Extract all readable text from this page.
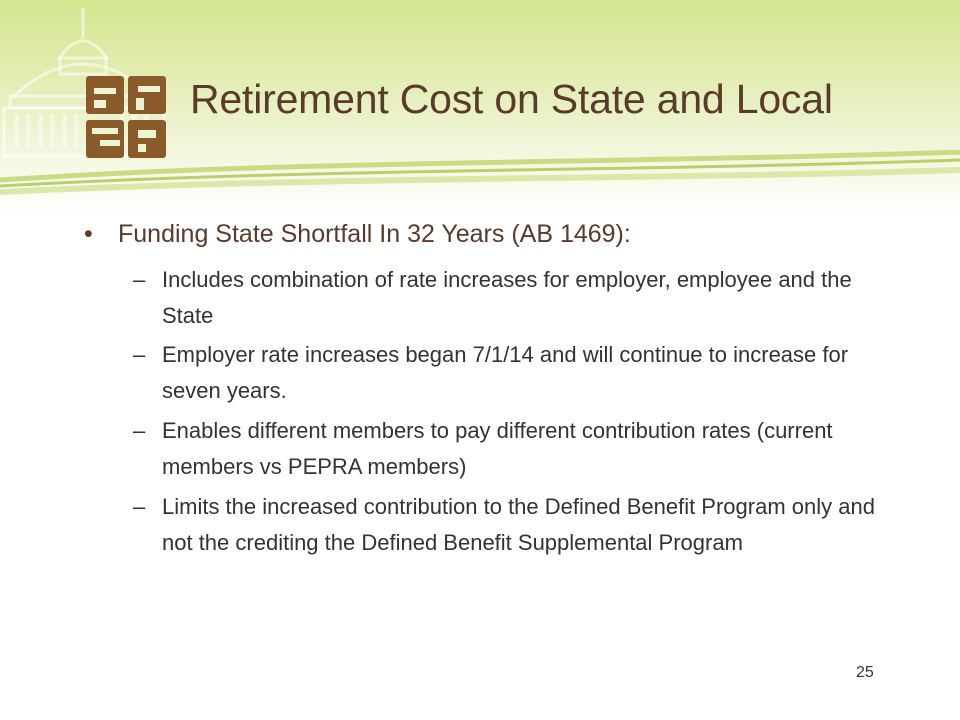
Retirement Cost on State and Local
• Funding State Shortfall In 32 Years (AB 1469):
– Includes combination of rate increases for employer, employee and the State
– Employer rate increases began 7/1/14 and will continue to increase for seven years.
– Enables different members to pay different contribution rates (current members vs PEPRA members)
– Limits the increased contribution to the Defined Benefit Program only and not the crediting the Defined Benefit Supplemental Program
25
